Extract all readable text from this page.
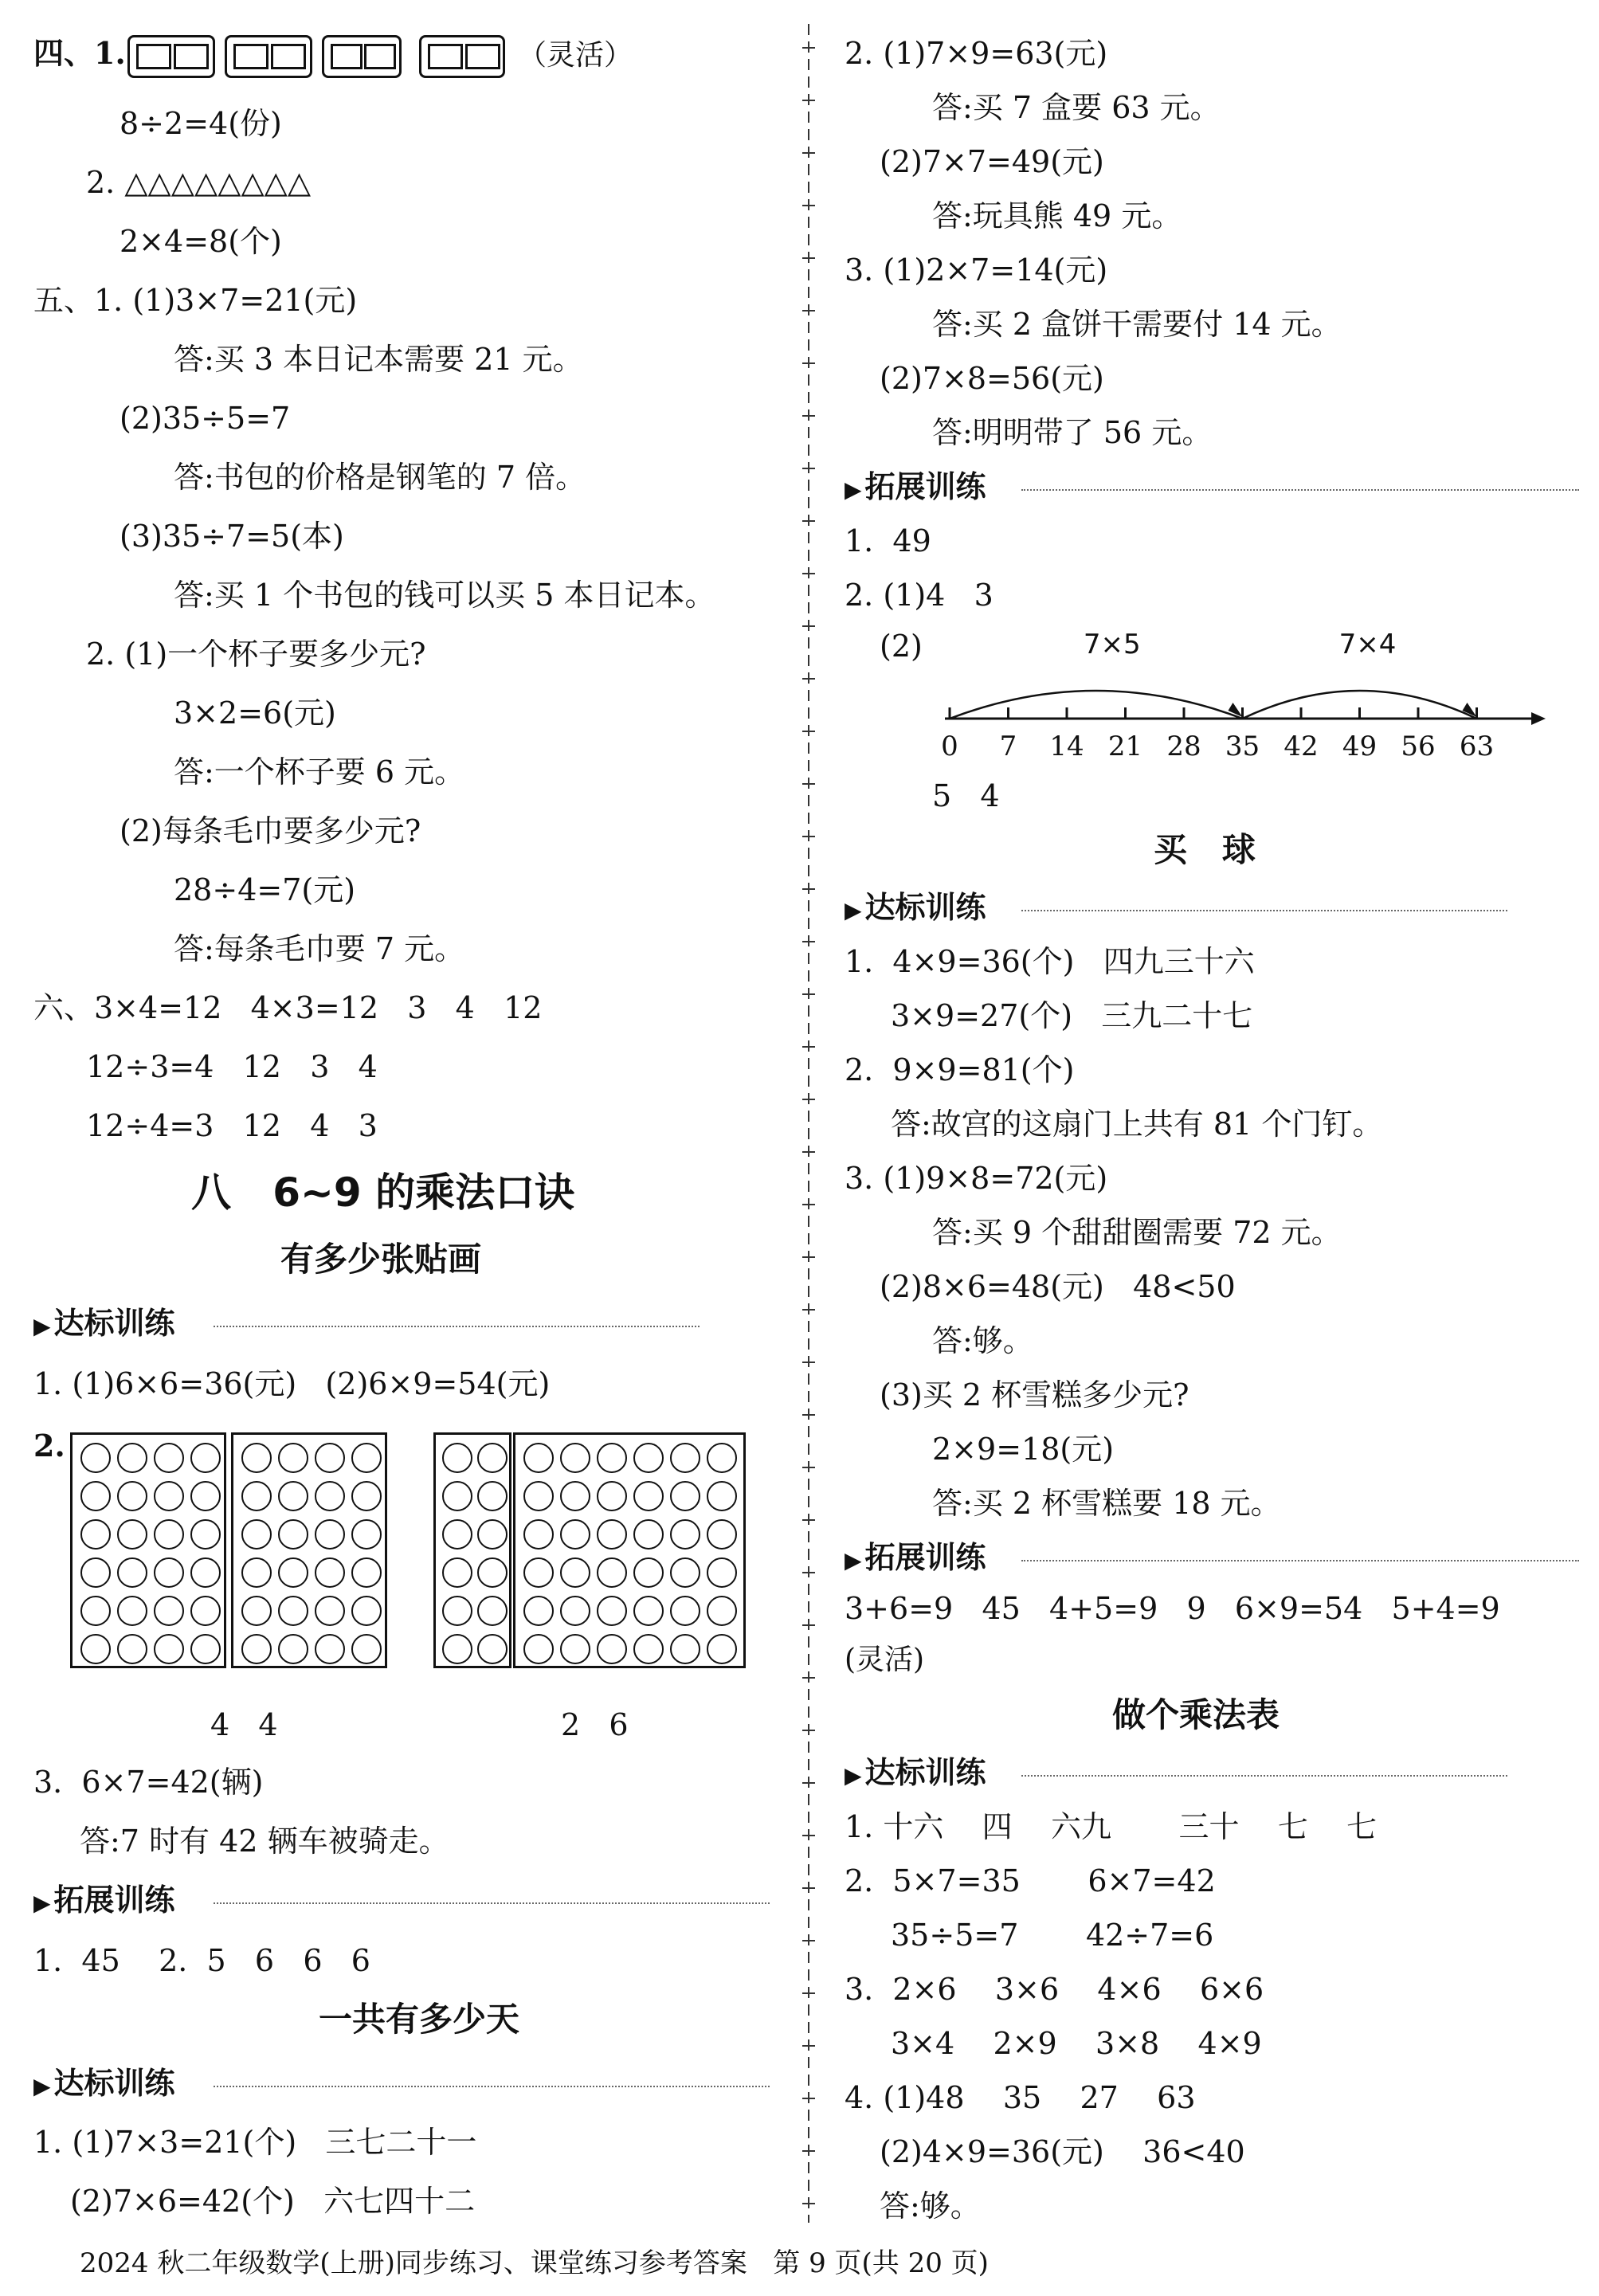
四、1.	（灵活）
8÷2=4(份)
2. △△△△△△△△
2×4=8(个)
五、1. (1)3×7=21(元)
答:买 3 本日记本需要 21 元。
(2)35÷5=7
答:书包的价格是钢笔的 7 倍。
(3)35÷7=5(本)
答:买 1 个书包的钱可以买 5 本日记本。
2. (1)一个杯子要多少元?
3×2=6(元)
答:一个杯子要 6 元。
(2)每条毛巾要多少元?
28÷4=7(元)
答:每条毛巾要 7 元。
六、3×4=12   4×3=12   3   4   12
12÷3=4   12   3   4
12÷4=3   12   4   3
八   6~9 的乘法口诀
有多少张贴画
▶ 达标训练
1. (1)6×6=36(元)   (2)6×9=54(元)
2.
4   4	2   6
3.  6×7=42(辆)
答:7 时有 42 辆车被骑走。
▶ 拓展训练
1.  45    2.  5   6   6   6
一共有多少天
▶ 达标训练
1. (1)7×3=21(个)   三七二十一
(2)7×6=42(个)   六七四十二
2. (1)7×9=63(元)
答:买 7 盒要 63 元。
(2)7×7=49(元)
答:玩具熊 49 元。
3. (1)2×7=14(元)
答:买 2 盒饼干需要付 14 元。
(2)7×8=56(元)
答:明明带了 56 元。
▶ 拓展训练
1.  49
2. (1)4   3
(2)
0 7 14 21 28 35 42 49 56 63
7×5	7×4
5   4
买   球
▶ 达标训练
1.  4×9=36(个)   四九三十六
3×9=27(个)   三九二十七
2.  9×9=81(个)
答:故宫的这扇门上共有 81 个门钉。
3. (1)9×8=72(元)
答:买 9 个甜甜圈需要 72 元。
(2)8×6=48(元)   48<50
答:够。
(3)买 2 杯雪糕多少元?
2×9=18(元)
答:买 2 杯雪糕要 18 元。
▶ 拓展训练
3+6=9   45   4+5=9   9   6×9=54   5+4=9
(灵活)
做个乘法表
▶ 达标训练
1. 十六    四    六九       三十    七    七
2.  5×7=35       6×7=42
35÷5=7       42÷7=6
3.  2×6    3×6    4×6    6×6
3×4    2×9    3×8    4×9
4. (1)48    35    27    63
(2)4×9=36(元)    36<40
答:够。
2024 秋二年级数学(上册)同步练习、课堂练习参考答案   第 9 页(共 20 页)
